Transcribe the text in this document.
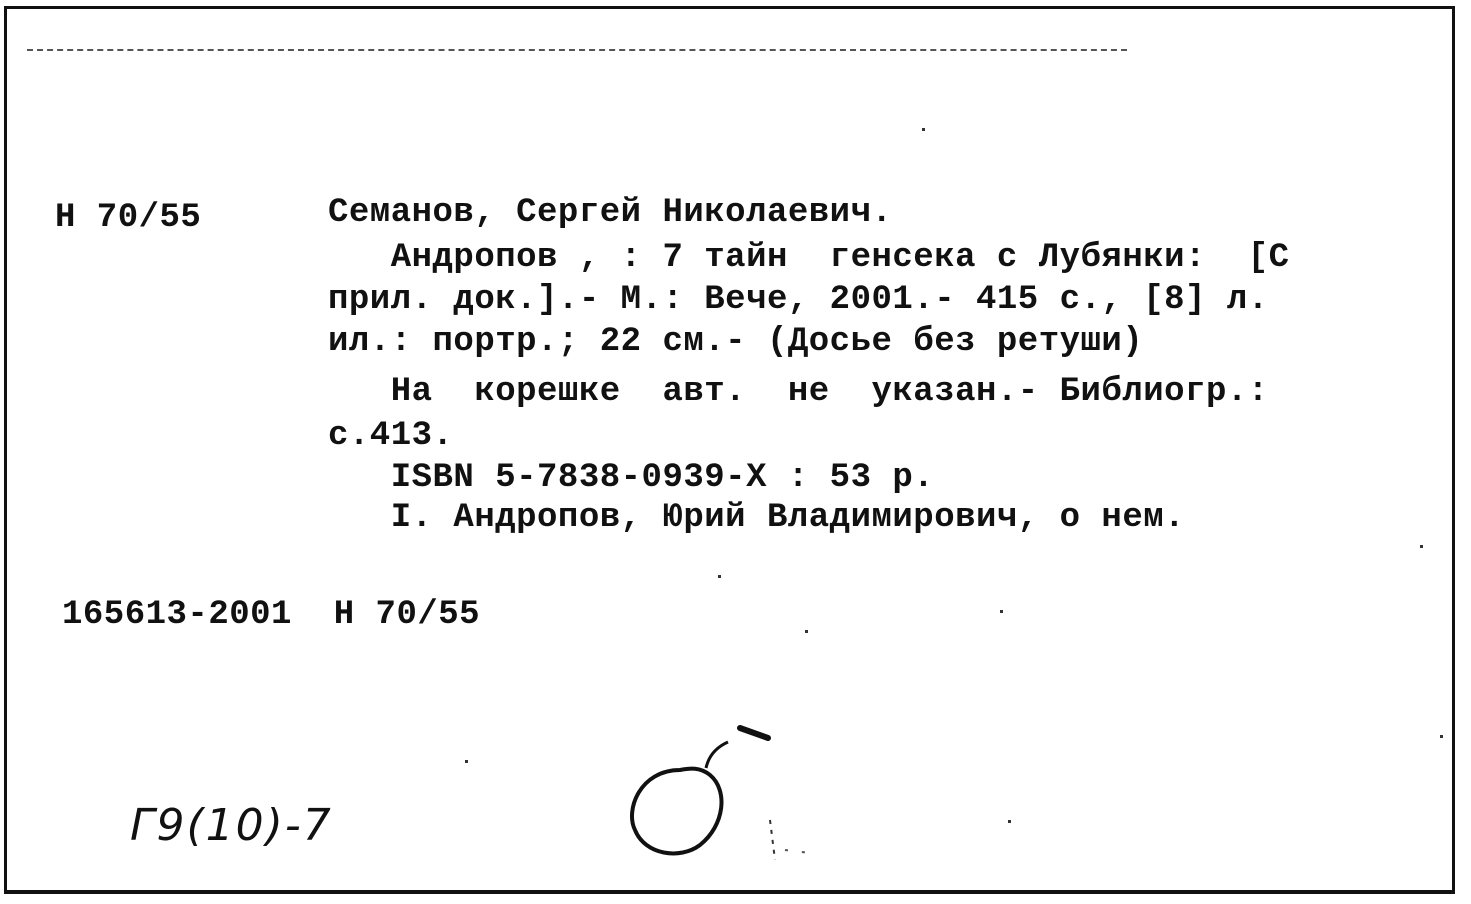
Н 70/55	Семанов, Сергей Николаевич.
Андропов , : 7 тайн  генсека с Лубянки:  [С
прил. док.].- М.: Вече, 2001.- 415 с., [8] л.
ил.: портр.; 22 см.- (Досье без ретуши)
На  корешке  авт.  не  указан.- Библиогр.:
с.413.
ISBN 5-7838-0939-X : 53 р.
I. Андропов, Юрий Владимирович, о нем.
165613-2001  Н 70/55
Г9(10)-7
